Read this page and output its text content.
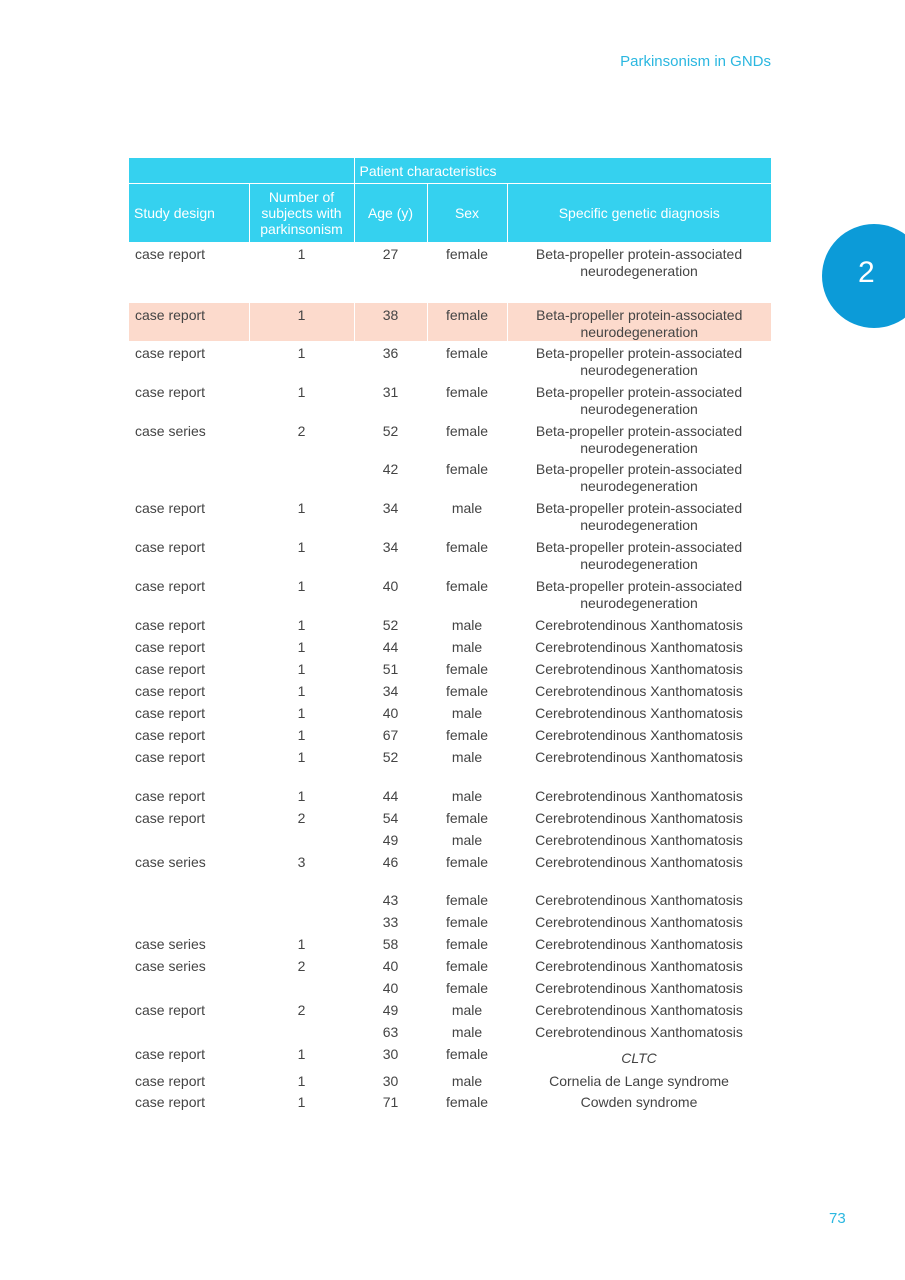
Parkinsonism in GNDs
2
		Patient characteristics		
Study design	Number of subjects with parkinsonism	Age (y)	Sex	Specific genetic diagnosis
case report	1	27	female	Beta-propeller protein-associated neurodegeneration
case report	1	38	female	Beta-propeller protein-associated neurodegeneration
case report	1	36	female	Beta-propeller protein-associated neurodegeneration
case report	1	31	female	Beta-propeller protein-associated neurodegeneration
case series	2	52	female	Beta-propeller protein-associated neurodegeneration
		42	female	Beta-propeller protein-associated neurodegeneration
case report	1	34	male	Beta-propeller protein-associated neurodegeneration
case report	1	34	female	Beta-propeller protein-associated neurodegeneration
case report	1	40	female	Beta-propeller protein-associated neurodegeneration
case report	1	52	male	Cerebrotendinous Xanthomatosis
case report	1	44	male	Cerebrotendinous Xanthomatosis
case report	1	51	female	Cerebrotendinous Xanthomatosis
case report	1	34	female	Cerebrotendinous Xanthomatosis
case report	1	40	male	Cerebrotendinous Xanthomatosis
case report	1	67	female	Cerebrotendinous Xanthomatosis
case report	1	52	male	Cerebrotendinous Xanthomatosis
case report	1	44	male	Cerebrotendinous Xanthomatosis
case report	2	54	female	Cerebrotendinous Xanthomatosis
		49	male	Cerebrotendinous Xanthomatosis
case series	3	46	female	Cerebrotendinous Xanthomatosis
		43	female	Cerebrotendinous Xanthomatosis
		33	female	Cerebrotendinous Xanthomatosis
case series	1	58	female	Cerebrotendinous Xanthomatosis
case series	2	40	female	Cerebrotendinous Xanthomatosis
		40	female	Cerebrotendinous Xanthomatosis
case report	2	49	male	Cerebrotendinous Xanthomatosis
		63	male	Cerebrotendinous Xanthomatosis
case report	1	30	female	CLTC
case report	1	30	male	Cornelia de Lange syndrome
case report	1	71	female	Cowden syndrome
73
